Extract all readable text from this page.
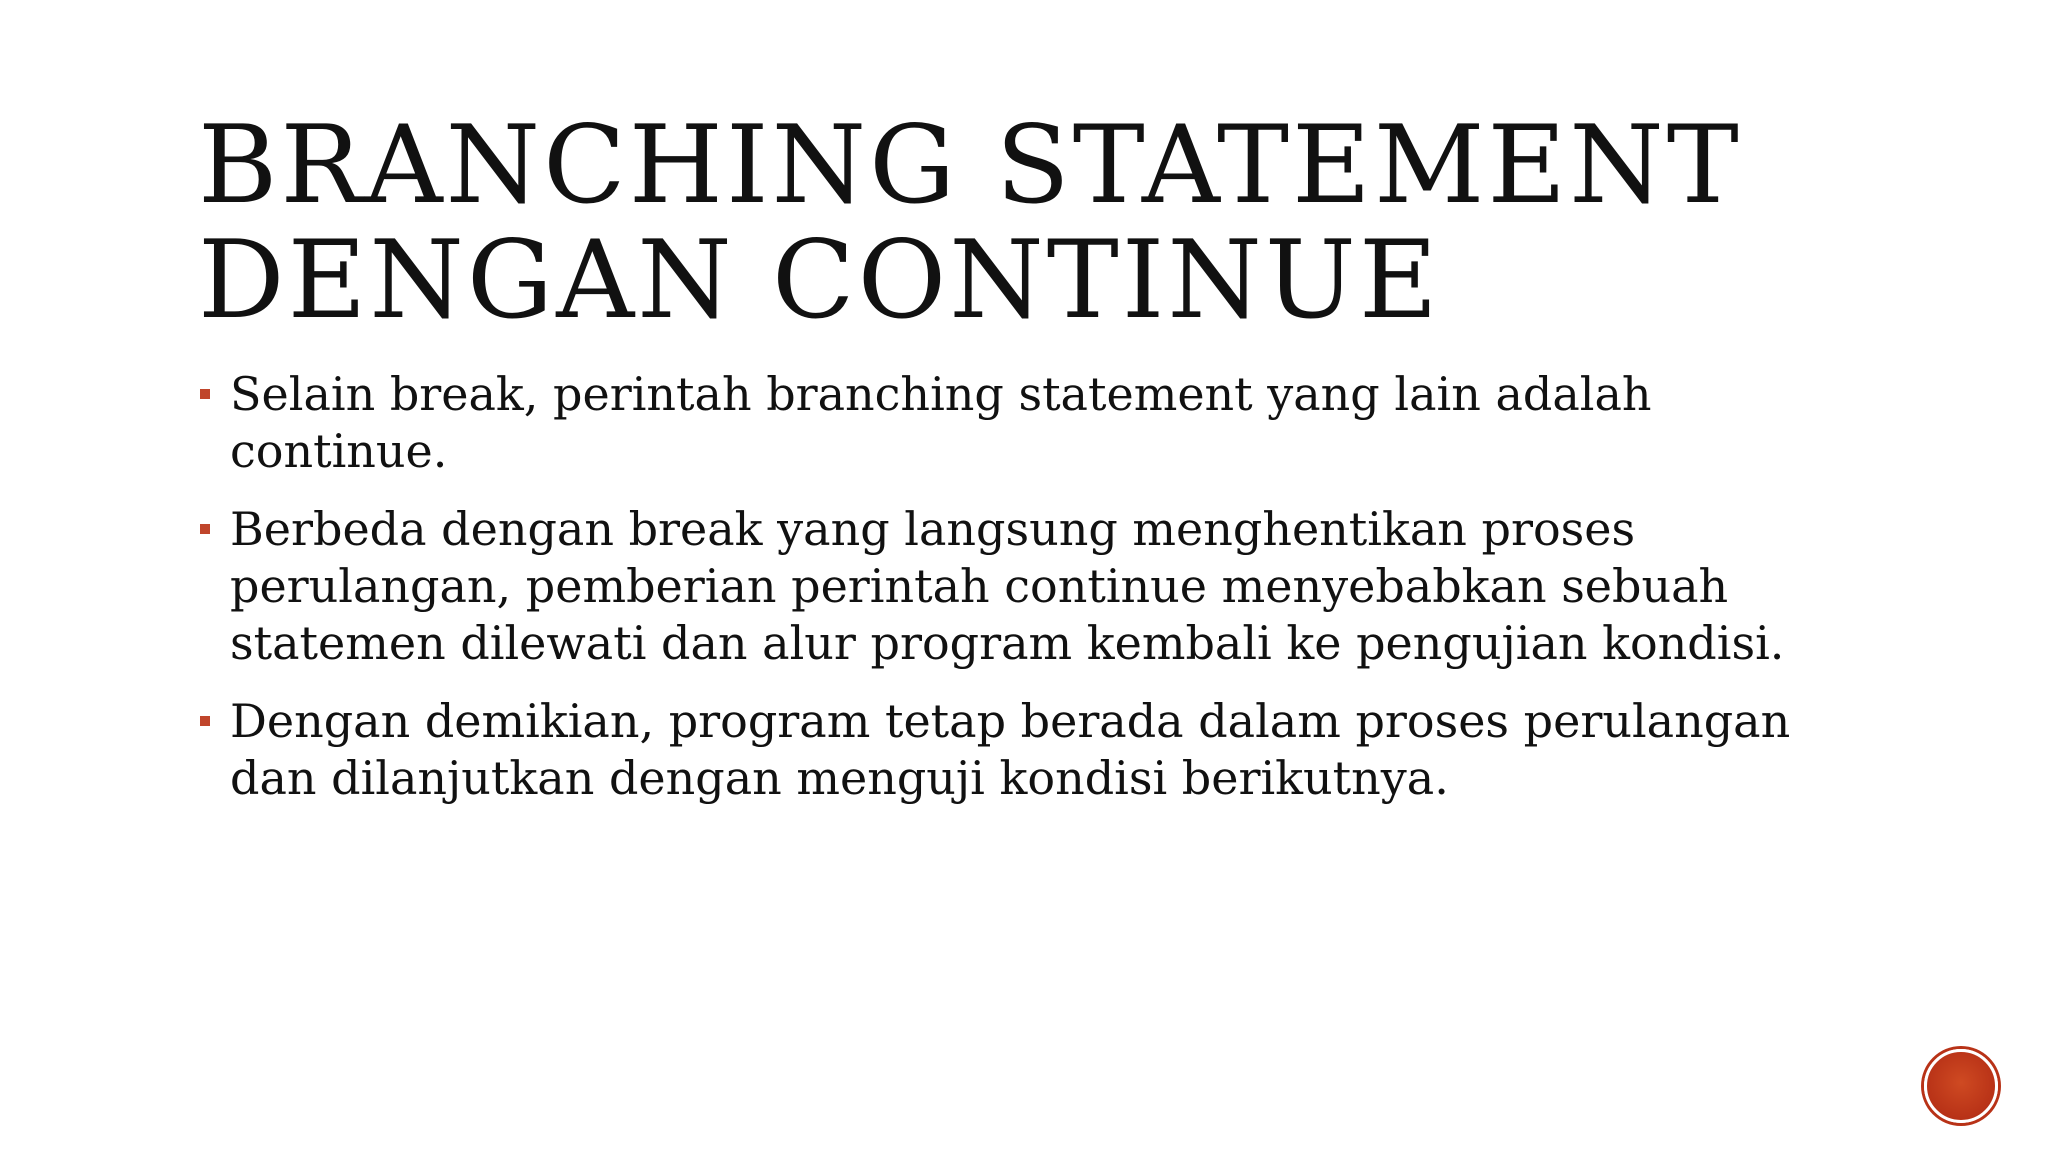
BRANCHING STATEMENT
DENGAN CONTINUE
Selain break, perintah branching statement yang lain adalah
continue.
Berbeda dengan break yang langsung menghentikan proses
perulangan, pemberian perintah continue menyebabkan sebuah
statemen dilewati dan alur program kembali ke pengujian kondisi.
Dengan demikian, program tetap berada dalam proses perulangan
dan dilanjutkan dengan menguji kondisi berikutnya.
